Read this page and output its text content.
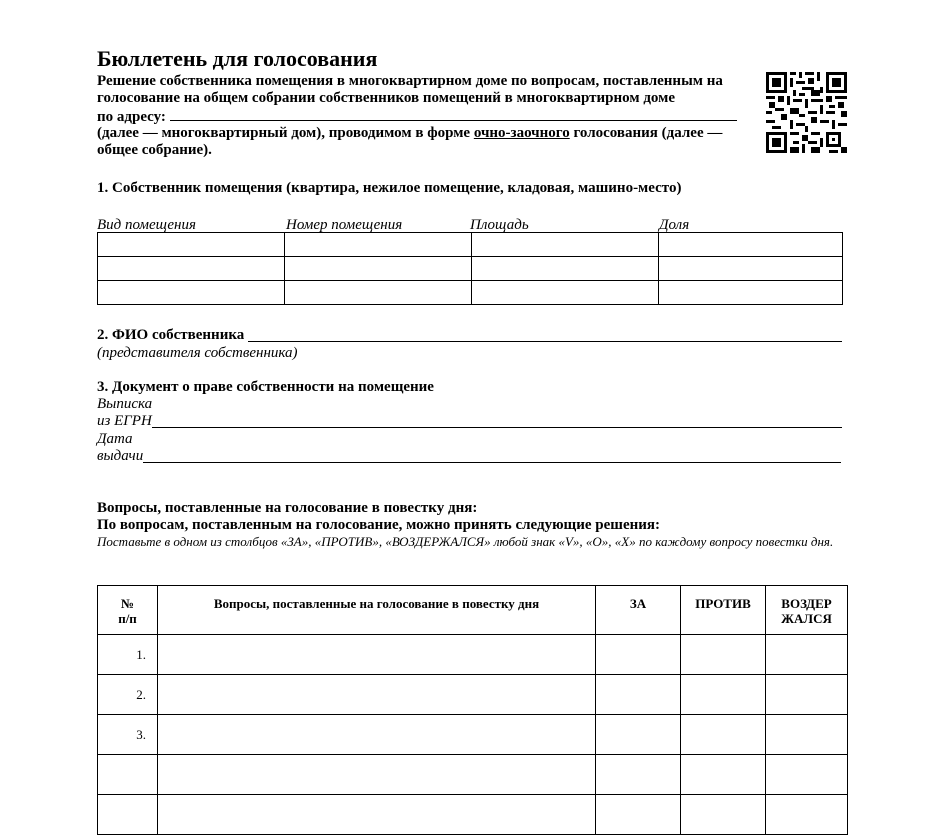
Бюллетень для голосования
Решение собственника помещения в многоквартирном доме по вопросам, поставленным на
голосование на общем собрании собственников помещений в многоквартирном доме
по адресу:
(далее — многоквартирный дом), проводимом в форме очно-заочного голосования (далее —
общее собрание).
1. Собственник помещения (квартира, нежилое помещение, кладовая, машино-место)
Вид помещения	Номер помещения	Площадь	Доля

2. ФИО собственника
(представителя собственника)
3. Документ о праве собственности на помещение
Выписка
из ЕГРН
Дата
выдачи
Вопросы, поставленные на голосование в повестку дня:
По вопросам, поставленным на голосование, можно принять следующие решения:
Поставьте в одном из столбцов «ЗА», «ПРОТИВ», «ВОЗДЕРЖАЛСЯ» любой знак «V», «О», «Х» по каждому вопросу повестки дня.
№
п/п	Вопросы, поставленные на голосование в повестку дня	ЗА	ПРОТИВ	ВОЗДЕР
ЖАЛСЯ
1.				
2.				
3.				
